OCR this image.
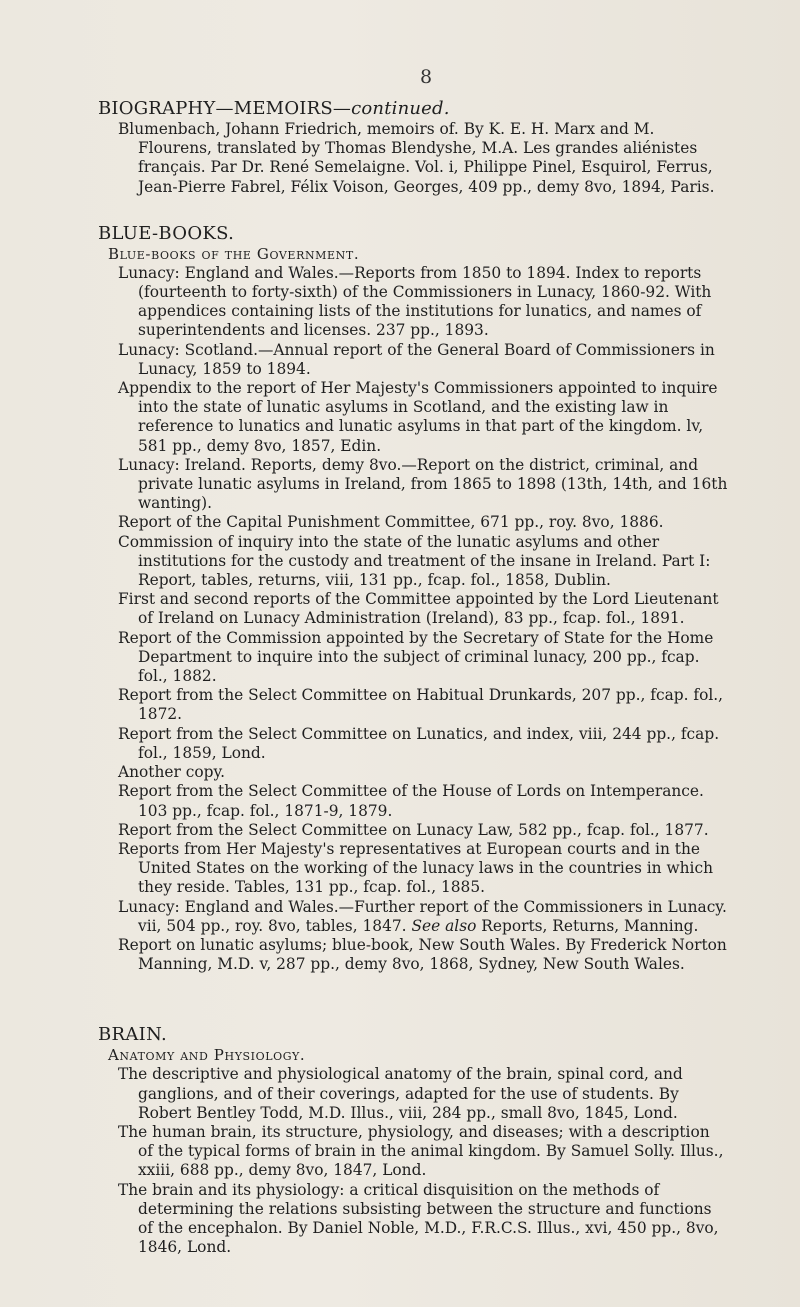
8
BIOGRAPHY—MEMOIRS—continued.
Blumenbach, Johann Friedrich, memoirs of. By K. E. H. Marx and M. Flourens, translated by Thomas Blendyshe, M.A. Les grandes aliénistes français. Par Dr. René Semelaigne. Vol. i, Philippe Pinel, Esquirol, Ferrus, Jean-Pierre Fabrel, Félix Voison, Georges, 409 pp., demy 8vo, 1894, Paris.
BLUE-BOOKS.
Blue-books of the Government.
Lunacy: England and Wales.—Reports from 1850 to 1894. Index to reports (fourteenth to forty-sixth) of the Commissioners in Lunacy, 1860-92. With appendices containing lists of the institutions for lunatics, and names of superintendents and licenses. 237 pp., 1893.
Lunacy: Scotland.—Annual report of the General Board of Commissioners in Lunacy, 1859 to 1894.
Appendix to the report of Her Majesty's Commissioners appointed to inquire into the state of lunatic asylums in Scotland, and the existing law in reference to lunatics and lunatic asylums in that part of the kingdom. lv, 581 pp., demy 8vo, 1857, Edin.
Lunacy: Ireland. Reports, demy 8vo.—Report on the district, criminal, and private lunatic asylums in Ireland, from 1865 to 1898 (13th, 14th, and 16th wanting).
Report of the Capital Punishment Committee, 671 pp., roy. 8vo, 1886.
Commission of inquiry into the state of the lunatic asylums and other institutions for the custody and treatment of the insane in Ireland. Part I: Report, tables, returns, viii, 131 pp., fcap. fol., 1858, Dublin.
First and second reports of the Committee appointed by the Lord Lieutenant of Ireland on Lunacy Administration (Ireland), 83 pp., fcap. fol., 1891.
Report of the Commission appointed by the Secretary of State for the Home Department to inquire into the subject of criminal lunacy, 200 pp., fcap. fol., 1882.
Report from the Select Committee on Habitual Drunkards, 207 pp., fcap. fol., 1872.
Report from the Select Committee on Lunatics, and index, viii, 244 pp., fcap. fol., 1859, Lond.
Another copy.
Report from the Select Committee of the House of Lords on Intemperance. 103 pp., fcap. fol., 1871-9, 1879.
Report from the Select Committee on Lunacy Law, 582 pp., fcap. fol., 1877.
Reports from Her Majesty's representatives at European courts and in the United States on the working of the lunacy laws in the countries in which they reside. Tables, 131 pp., fcap. fol., 1885.
Lunacy: England and Wales.—Further report of the Commissioners in Lunacy. vii, 504 pp., roy. 8vo, tables, 1847. See also Reports, Returns, Manning.
Report on lunatic asylums; blue-book, New South Wales. By Frederick Norton Manning, M.D. v, 287 pp., demy 8vo, 1868, Sydney, New South Wales.
BRAIN.
Anatomy and Physiology.
The descriptive and physiological anatomy of the brain, spinal cord, and ganglions, and of their coverings, adapted for the use of students. By Robert Bentley Todd, M.D. Illus., viii, 284 pp., small 8vo, 1845, Lond.
The human brain, its structure, physiology, and diseases; with a description of the typical forms of brain in the animal kingdom. By Samuel Solly. Illus., xxiii, 688 pp., demy 8vo, 1847, Lond.
The brain and its physiology: a critical disquisition on the methods of determining the relations subsisting between the structure and functions of the encephalon. By Daniel Noble, M.D., F.R.C.S. Illus., xvi, 450 pp., 8vo, 1846, Lond.
